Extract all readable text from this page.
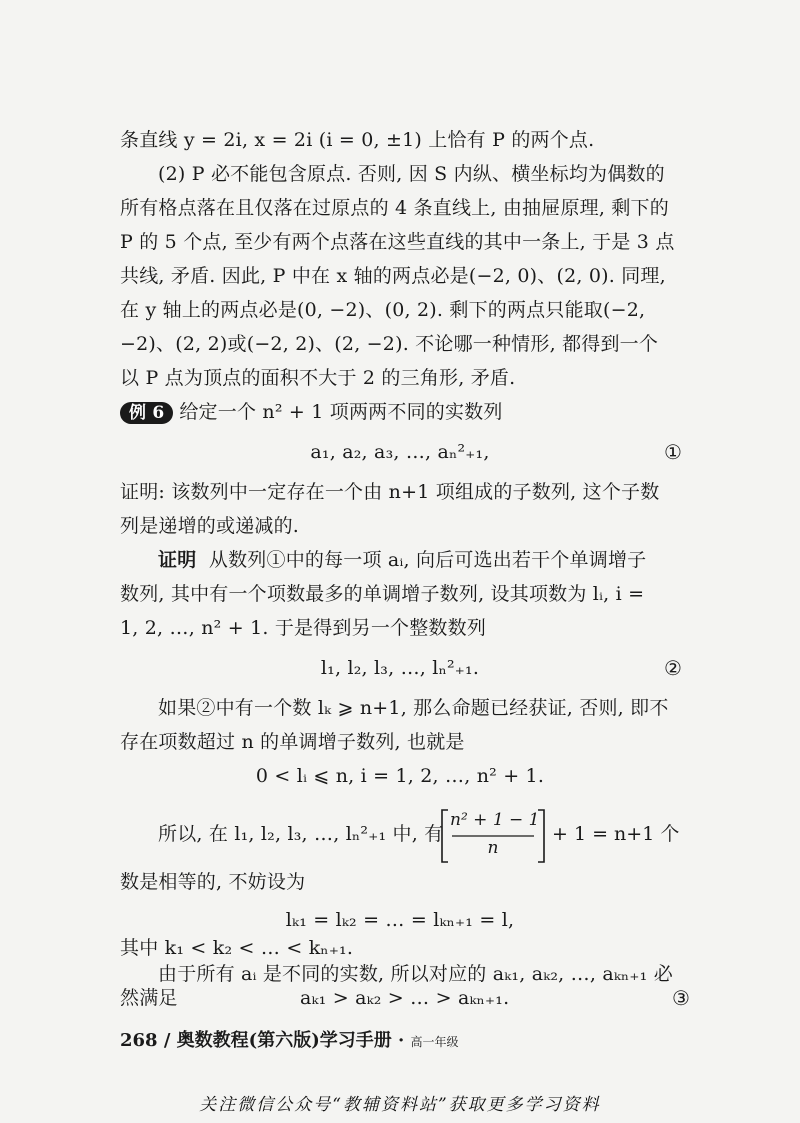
条直线 y = 2i, x = 2i (i = 0, ±1) 上恰有 P 的两个点.
(2) P 必不能包含原点. 否则, 因 S 内纵、横坐标均为偶数的
所有格点落在且仅落在过原点的 4 条直线上, 由抽屉原理, 剩下的
P 的 5 个点, 至少有两个点落在这些直线的其中一条上, 于是 3 点
共线, 矛盾. 因此, P 中在 x 轴的两点必是(−2, 0)、(2, 0). 同理,
在 y 轴上的两点必是(0, −2)、(0, 2). 剩下的两点只能取(−2,
−2)、(2, 2)或(−2, 2)、(2, −2). 不论哪一种情形, 都得到一个
以 P 点为顶点的面积不大于 2 的三角形, 矛盾.
例 6 给定一个 n² + 1 项两两不同的实数列
a₁, a₂, a₃, …, aₙ²₊₁,	①
证明: 该数列中一定存在一个由 n+1 项组成的子数列, 这个子数
列是递增的或递减的.
证明 从数列①中的每一项 aᵢ, 向后可选出若干个单调增子
数列, 其中有一个项数最多的单调增子数列, 设其项数为 lᵢ, i =
1, 2, …, n² + 1. 于是得到另一个整数数列
l₁, l₂, l₃, …, lₙ²₊₁.	②
如果②中有一个数 lₖ ⩾ n+1, 那么命题已经获证, 否则, 即不
存在项数超过 n 的单调增子数列, 也就是
0 < lᵢ ⩽ n, i = 1, 2, …, n² + 1.
所以, 在 l₁, l₂, l₃, …, lₙ²₊₁ 中, 有
n² + 1 − 1
n
+ 1 = n+1 个
数是相等的, 不妨设为
lₖ₁ = lₖ₂ = … = lₖₙ₊₁ = l,
其中 k₁ < k₂ < … < kₙ₊₁.
由于所有 aᵢ 是不同的实数, 所以对应的 aₖ₁, aₖ₂, …, aₖₙ₊₁ 必
268 / 奥数教程(第六版)学习手册 · 高一年级
关注微信公众号“教辅资料站”获取更多学习资料
然满足	aₖ₁ > aₖ₂ > … > aₖₙ₊₁.	③
